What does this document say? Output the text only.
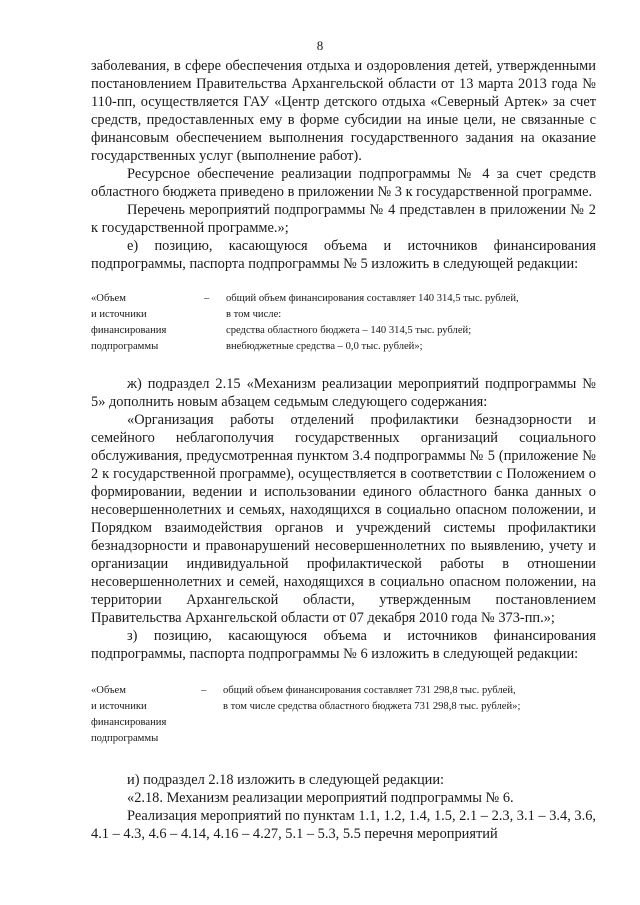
8

заболевания, в сфере обеспечения отдыха и оздоровления детей, утвержденными постановлением Правительства Архангельской области от 13 марта 2013 года № 110-пп, осуществляется ГАУ «Центр детского отдыха «Северный Артек» за счет средств, предоставленных ему в форме субсидии на иные цели, не связанные с финансовым обеспечением выполнения государственного задания на оказание государственных услуг (выполнение работ).

Ресурсное обеспечение реализации подпрограммы № 4 за счет средств областного бюджета приведено в приложении № 3 к государственной программе.

Перечень мероприятий подпрограммы № 4 представлен в приложении № 2 к государственной программе.»;

е) позицию, касающуюся объема и источников финансирования подпрограммы, паспорта подпрограммы № 5 изложить в следующей редакции:

«Объем
и источники
финансирования
подпрограммы
	–	общий объем финансирования составляет 140 314,5 тыс. рублей,
в том числе:
средства областного бюджета – 140 314,5 тыс. рублей;
внебюджетные средства – 0,0 тыс. рублей»;

ж) подраздел 2.15 «Механизм реализации мероприятий подпрограммы № 5» дополнить новым абзацем седьмым следующего содержания:

«Организация работы отделений профилактики безнадзорности и семейного неблагополучия государственных организаций социального обслуживания, предусмотренная пунктом 3.4 подпрограммы № 5 (приложение № 2 к государственной программе), осуществляется в соответствии с Положением о формировании, ведении и использовании единого областного банка данных о несовершеннолетних и семьях, находящихся в социально опасном положении, и Порядком взаимодействия органов и учреждений системы профилактики безнадзорности и правонарушений несовершеннолетних по выявлению, учету и организации индивидуальной профилактической работы в отношении несовершеннолетних и семей, находящихся в социально опасном положении, на территории Архангельской области, утвержденным постановлением Правительства Архангельской области от 07 декабря 2010 года № 373-пп.»;

з) позицию, касающуюся объема и источников финансирования подпрограммы, паспорта подпрограммы № 6 изложить в следующей редакции:

«Объем
и источники
финансирования
подпрограммы
	–	общий объем финансирования составляет 731 298,8 тыс. рублей,
в том числе средства областного бюджета 731 298,8 тыс. рублей»;

и) подраздел 2.18 изложить в следующей редакции:

«2.18. Механизм реализации мероприятий подпрограммы № 6.

Реализация мероприятий по пунктам 1.1, 1.2, 1.4, 1.5, 2.1 – 2.3, 3.1 – 3.4, 3.6, 4.1 – 4.3, 4.6 – 4.14, 4.16 – 4.27, 5.1 – 5.3, 5.5 перечня мероприятий
